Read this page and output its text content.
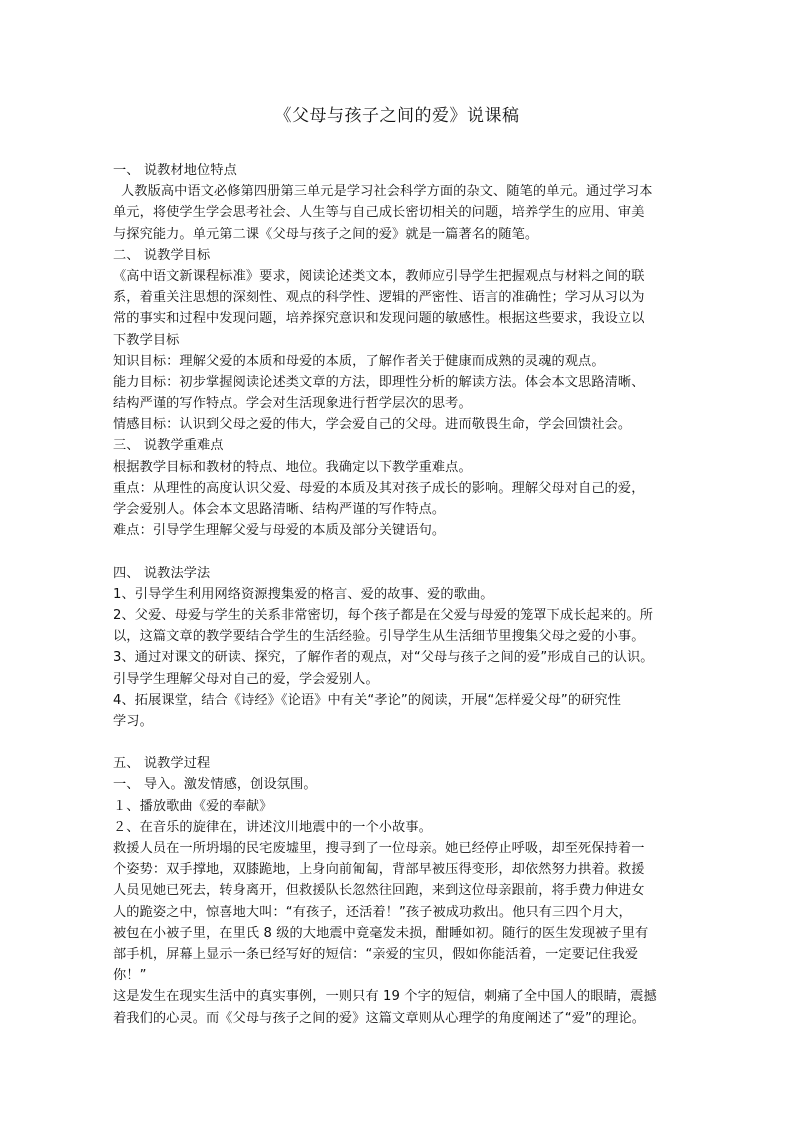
《父母与孩子之间的爱》说课稿
一、 说教材地位特点
人教版高中语文必修第四册第三单元是学习社会科学方面的杂文、随笔的单元。通过学习本
单元，将使学生学会思考社会、人生等与自己成长密切相关的问题，培养学生的应用、审美
与探究能力。单元第二课《父母与孩子之间的爱》就是一篇著名的随笔。
二、 说教学目标
《高中语文新课程标准》要求，阅读论述类文本，教师应引导学生把握观点与材料之间的联
系，着重关注思想的深刻性、观点的科学性、逻辑的严密性、语言的准确性；学习从习以为
常的事实和过程中发现问题，培养探究意识和发现问题的敏感性。根据这些要求，我设立以
下教学目标
知识目标：理解父爱的本质和母爱的本质，了解作者关于健康而成熟的灵魂的观点。
能力目标：初步掌握阅读论述类文章的方法，即理性分析的解读方法。体会本文思路清晰、
结构严谨的写作特点。学会对生活现象进行哲学层次的思考。
情感目标：认识到父母之爱的伟大，学会爱自己的父母。进而敬畏生命，学会回馈社会。
三、 说教学重难点
根据教学目标和教材的特点、地位。我确定以下教学重难点。
重点：从理性的高度认识父爱、母爱的本质及其对孩子成长的影响。理解父母对自己的爱，
学会爱别人。体会本文思路清晰、结构严谨的写作特点。
难点：引导学生理解父爱与母爱的本质及部分关键语句。
四、 说教法学法
1、引导学生利用网络资源搜集爱的格言、爱的故事、爱的歌曲。
2、父爱、母爱与学生的关系非常密切，每个孩子都是在父爱与母爱的笼罩下成长起来的。所
以，这篇文章的教学要结合学生的生活经验。引导学生从生活细节里搜集父母之爱的小事。
3、通过对课文的研读、探究，了解作者的观点，对“父母与孩子之间的爱”形成自己的认识。
引导学生理解父母对自己的爱，学会爱别人。
4、拓展课堂，结合《诗经》《论语》中有关“孝论”的阅读，开展“怎样爱父母”的研究性
学习。
五、 说教学过程
一、 导入。激发情感，创设氛围。
１、播放歌曲《爱的奉献》
２、在音乐的旋律在，讲述汶川地震中的一个小故事。
救援人员在一所坍塌的民宅废墟里，搜寻到了一位母亲。她已经停止呼吸，却至死保持着一
个姿势：双手撑地，双膝跪地，上身向前匍匐，背部早被压得变形，却依然努力拱着。救援
人员见她已死去，转身离开，但救援队长忽然往回跑，来到这位母亲跟前，将手费力伸进女
人的跪姿之中，惊喜地大叫：“有孩子，还活着！”孩子被成功救出。他只有三四个月大，
被包在小被子里，在里氏 8 级的大地震中竟毫发未损，酣睡如初。随行的医生发现被子里有
部手机，屏幕上显示一条已经写好的短信：“亲爱的宝贝，假如你能活着，一定要记住我爱
你！”
这是发生在现实生活中的真实事例，一则只有 19 个字的短信，刺痛了全中国人的眼睛，震撼
着我们的心灵。而《父母与孩子之间的爱》这篇文章则从心理学的角度阐述了“爱”的理论。
